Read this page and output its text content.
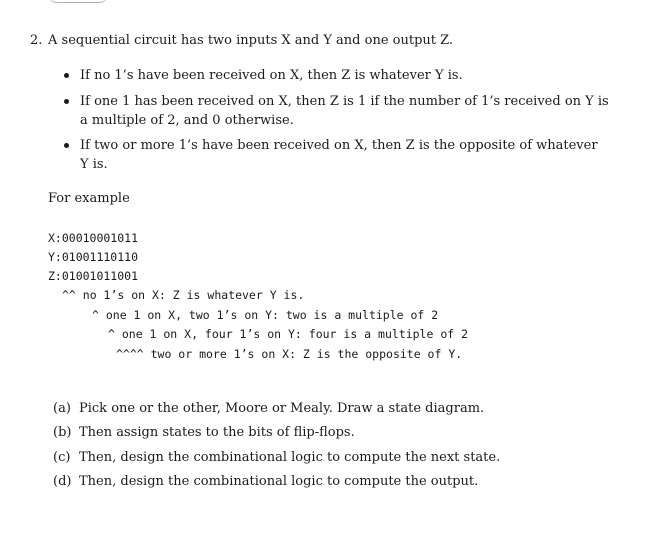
2. A sequential circuit has two inputs X and Y and one output Z.
If no 1’s have been received on X, then Z is whatever Y is.
If one 1 has been received on X, then Z is 1 if the number of 1’s received on Y is a multiple of 2, and 0 otherwise.
If two or more 1’s have been received on X, then Z is the opposite of whatever Y is.
For example

X:00010001011

Y:01001110110

Z:01001011001

^^ no 1’s on X: Z is whatever Y is.

^ one 1 on X, two 1’s on Y: two is a multiple of 2

^ one 1 on X, four 1’s on Y: four is a multiple of 2

^^^^ two or more 1’s on X: Z is the opposite of Y.

(a) Pick one or the other, Moore or Mealy. Draw a state diagram.
(b) Then assign states to the bits of flip-flops.
(c) Then, design the combinational logic to compute the next state.
(d) Then, design the combinational logic to compute the output.
